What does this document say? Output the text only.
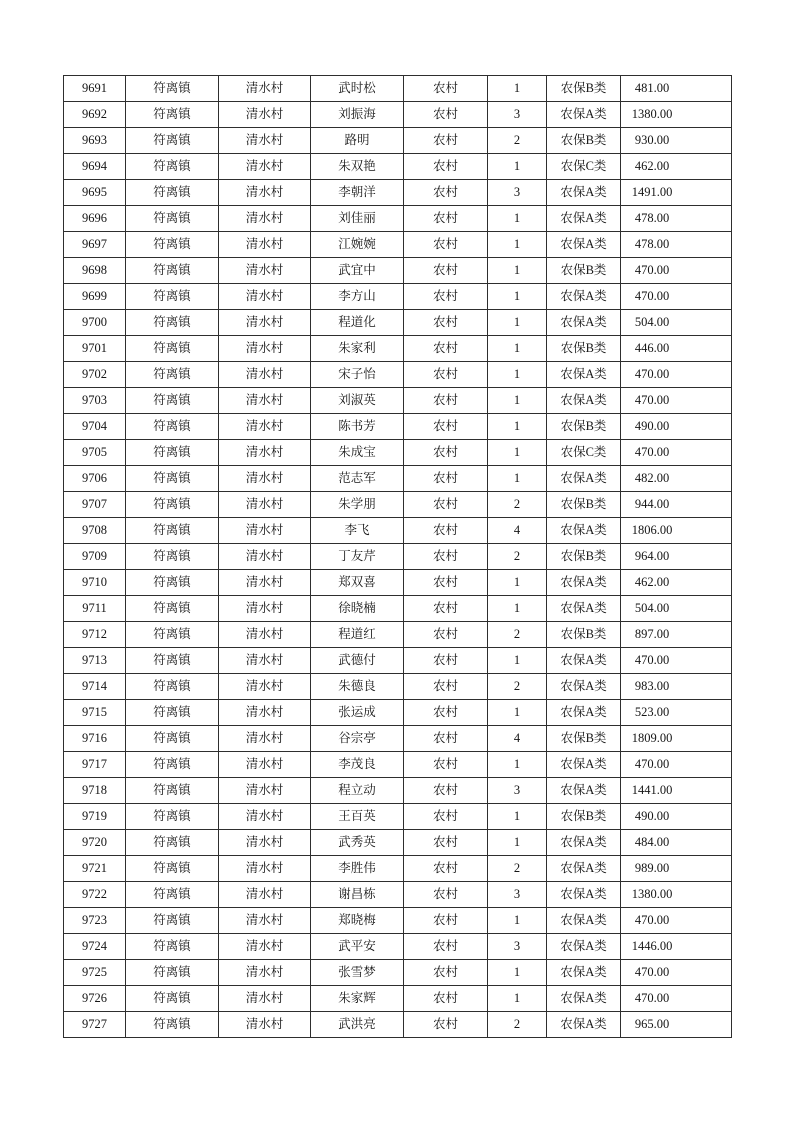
9691	符离镇	清水村	武时松	农村	1	农保B类	481.00
9692	符离镇	清水村	刘振海	农村	3	农保A类	1380.00
9693	符离镇	清水村	路明	农村	2	农保B类	930.00
9694	符离镇	清水村	朱双艳	农村	1	农保C类	462.00
9695	符离镇	清水村	李朝洋	农村	3	农保A类	1491.00
9696	符离镇	清水村	刘佳丽	农村	1	农保A类	478.00
9697	符离镇	清水村	江婉婉	农村	1	农保A类	478.00
9698	符离镇	清水村	武宜中	农村	1	农保B类	470.00
9699	符离镇	清水村	李方山	农村	1	农保A类	470.00
9700	符离镇	清水村	程道化	农村	1	农保A类	504.00
9701	符离镇	清水村	朱家利	农村	1	农保B类	446.00
9702	符离镇	清水村	宋子怡	农村	1	农保A类	470.00
9703	符离镇	清水村	刘淑英	农村	1	农保A类	470.00
9704	符离镇	清水村	陈书芳	农村	1	农保B类	490.00
9705	符离镇	清水村	朱成宝	农村	1	农保C类	470.00
9706	符离镇	清水村	范志军	农村	1	农保A类	482.00
9707	符离镇	清水村	朱学朋	农村	2	农保B类	944.00
9708	符离镇	清水村	李飞	农村	4	农保A类	1806.00
9709	符离镇	清水村	丁友芹	农村	2	农保B类	964.00
9710	符离镇	清水村	郑双喜	农村	1	农保A类	462.00
9711	符离镇	清水村	徐晓楠	农村	1	农保A类	504.00
9712	符离镇	清水村	程道红	农村	2	农保B类	897.00
9713	符离镇	清水村	武德付	农村	1	农保A类	470.00
9714	符离镇	清水村	朱德良	农村	2	农保A类	983.00
9715	符离镇	清水村	张运成	农村	1	农保A类	523.00
9716	符离镇	清水村	谷宗亭	农村	4	农保B类	1809.00
9717	符离镇	清水村	李茂良	农村	1	农保A类	470.00
9718	符离镇	清水村	程立动	农村	3	农保A类	1441.00
9719	符离镇	清水村	王百英	农村	1	农保B类	490.00
9720	符离镇	清水村	武秀英	农村	1	农保A类	484.00
9721	符离镇	清水村	李胜伟	农村	2	农保A类	989.00
9722	符离镇	清水村	谢昌栋	农村	3	农保A类	1380.00
9723	符离镇	清水村	郑晓梅	农村	1	农保A类	470.00
9724	符离镇	清水村	武平安	农村	3	农保A类	1446.00
9725	符离镇	清水村	张雪梦	农村	1	农保A类	470.00
9726	符离镇	清水村	朱家辉	农村	1	农保A类	470.00
9727	符离镇	清水村	武洪亮	农村	2	农保A类	965.00
